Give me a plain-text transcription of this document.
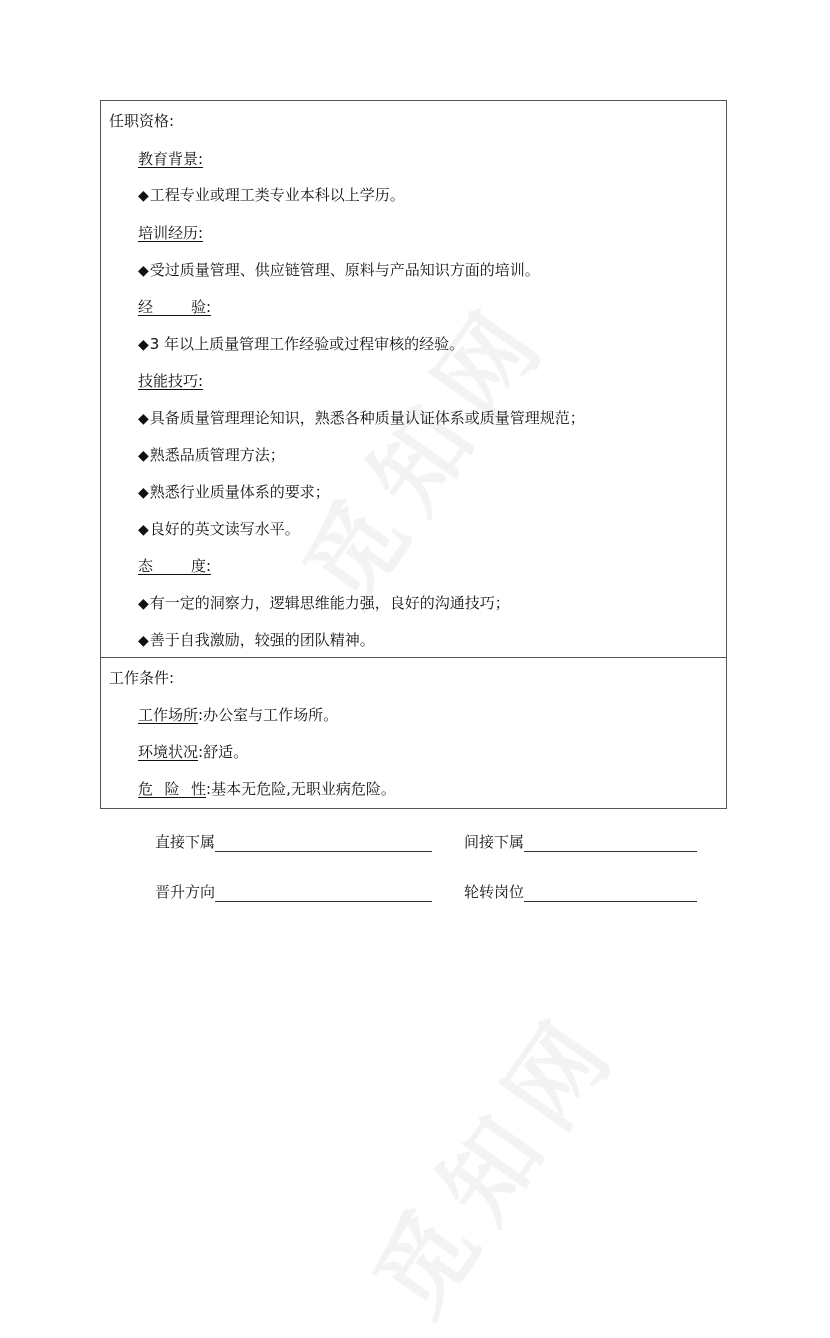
任职资格:
教育背景:
◆工程专业或理工类专业本科以上学历。
培训经历:
◆受过质量管理、供应链管理、原料与产品知识方面的培训。
经验:
◆3 年以上质量管理工作经验或过程审核的经验。
技能技巧:
◆具备质量管理理论知识，熟悉各种质量认证体系或质量管理规范；
◆熟悉品质管理方法；
◆熟悉行业质量体系的要求；
◆良好的英文读写水平。
态度:
◆有一定的洞察力，逻辑思维能力强，良好的沟通技巧；
◆善于自我激励，较强的团队精神。
工作条件:
工作场所:办公室与工作场所。
环境状况:舒适。
危险性:基本无危险,无职业病危险。
直接下属	间接下属
晋升方向	轮转岗位
